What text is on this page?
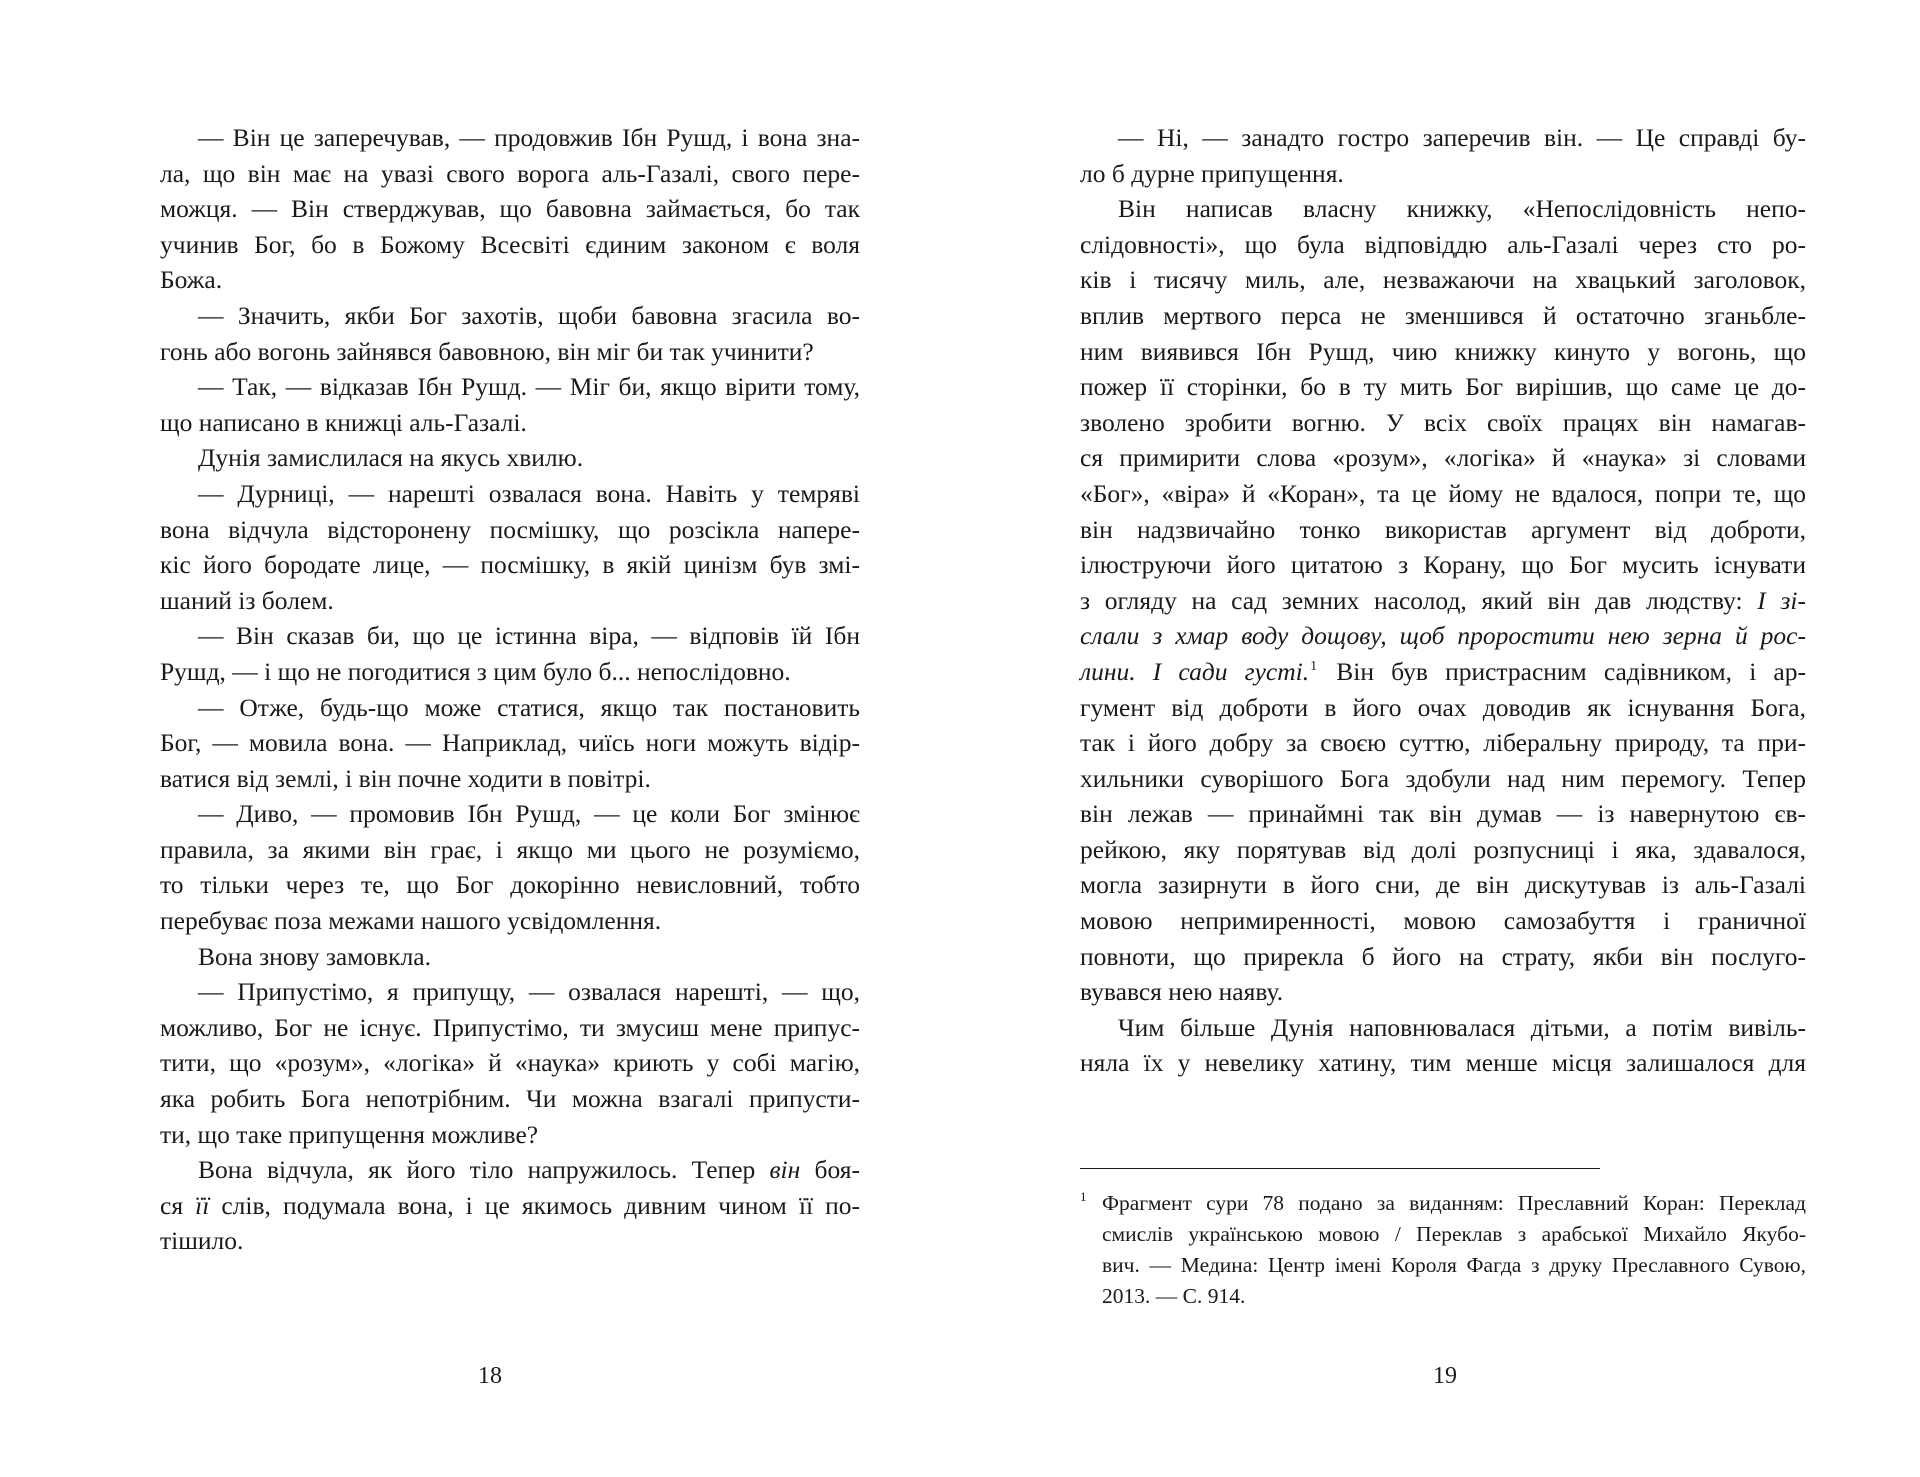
— Він це заперечував, — продовжив Ібн Рушд, і вона зна-
ла, що він має на увазі свого ворога аль-Газалі, свого пере-
можця. — Він стверджував, що бавовна займається, бо так
учинив Бог, бо в Божому Всесвіті єдиним законом є воля
Божа.
— Значить, якби Бог захотів, щоби бавовна згасила во-
гонь або вогонь зайнявся бавовною, він міг би так учинити?
— Так, — відказав Ібн Рушд. — Міг би, якщо вірити тому,
що написано в книжці аль-Газалі.
Дунія замислилася на якусь хвилю.
— Дурниці, — нарешті озвалася вона. Навіть у темряві
вона відчула відсторонену посмішку, що розсікла напере-
кіс його бородате лице, — посмішку, в якій цинізм був змі-
шаний із болем.
— Він сказав би, що це істинна віра, — відповів їй Ібн
Рушд, — і що не погодитися з цим було б... непослідовно.
— Отже, будь-що може статися, якщо так постановить
Бог, — мовила вона. — Наприклад, чиїсь ноги можуть відір-
ватися від землі, і він почне ходити в повітрі.
— Диво, — промовив Ібн Рушд, — це коли Бог змінює
правила, за якими він грає, і якщо ми цього не розуміємо,
то тільки через те, що Бог докорінно невисловний, тобто
перебуває поза межами нашого усвідомлення.
Вона знову замовкла.
— Припустімо, я припущу, — озвалася нарешті, — що,
можливо, Бог не існує. Припустімо, ти змусиш мене припус-
тити, що «розум», «логіка» й «наука» криють у собі магію,
яка робить Бога непотрібним. Чи можна взагалі припусти-
ти, що таке припущення можливе?
Вона відчула, як його тіло напружилось. Тепер він боя-
ся її слів, подумала вона, і це якимось дивним чином її по-
тішило.
18
— Ні, — занадто гостро заперечив він. — Це справді бу-
ло б дурне припущення.
Він написав власну книжку, «Непослідовність непо-
слідовності», що була відповіддю аль-Газалі через сто ро-
ків і тисячу миль, але, незважаючи на хвацький заголовок,
вплив мертвого перса не зменшився й остаточно зганьбле-
ним виявився Ібн Рушд, чию книжку кинуто у вогонь, що
пожер її сторінки, бо в ту мить Бог вирішив, що саме це до-
зволено зробити вогню. У всіх своїх працях він намагав-
ся примирити слова «розум», «логіка» й «наука» зі словами
«Бог», «віра» й «Коран», та це йому не вдалося, попри те, що
він надзвичайно тонко використав аргумент від доброти,
ілюструючи його цитатою з Корану, що Бог мусить існувати
з огляду на сад земних насолод, який він дав людству: І зі-
слали з хмар воду дощову, щоб проростити нею зерна й рос-
лини. І сади густі.$^1$ Він був пристрасним садівником, і ар-
гумент від доброти в його очах доводив як існування Бога,
так і його добру за своєю суттю, ліберальну природу, та при-
хильники суворішого Бога здобули над ним перемогу. Тепер
він лежав — принаймні так він думав — із навернутою єв-
рейкою, яку порятував від долі розпусниці і яка, здавалося,
могла зазирнути в його сни, де він дискутував із аль-Газалі
мовою непримиренності, мовою самозабуття і граничної
повноти, що прирекла б його на страту, якби він послуго-
вувався нею наяву.
Чим більше Дунія наповнювалася дітьми, а потім вивіль-
няла їх у невелику хатину, тим менше місця залишалося для
1 Фрагмент сури 78 подано за виданням: Преславний Коран: Переклад
смислів українською мовою / Переклав з арабської Михайло Якубо-
вич. — Медина: Центр імені Короля Фагда з друку Преславного Сувою,
2013. — С. 914.
19
